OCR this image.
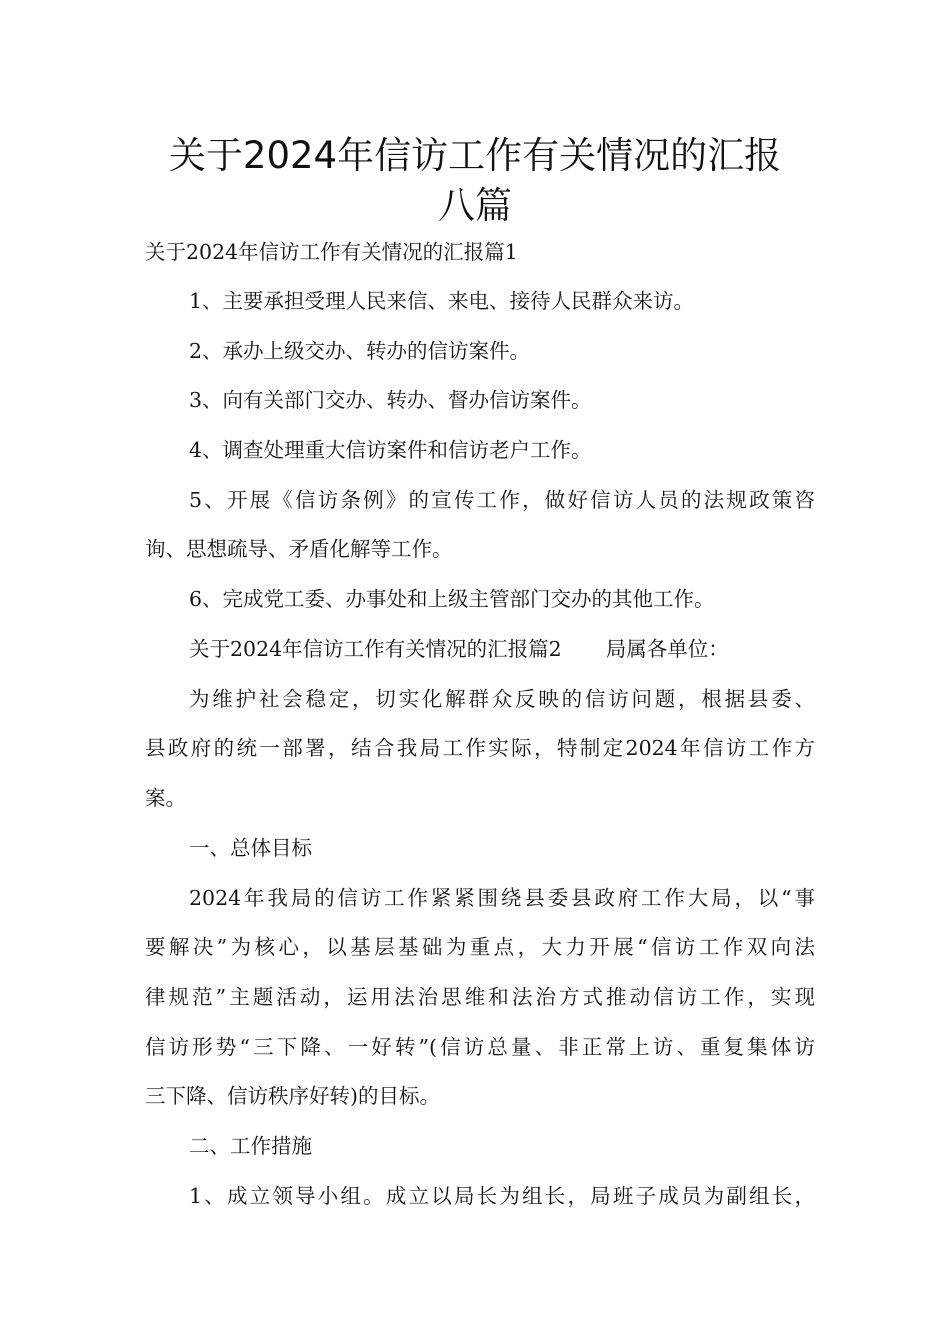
关于2024年信访工作有关情况的汇报
八篇
关于2024年信访工作有关情况的汇报篇1
1、主要承担受理人民来信、来电、接待人民群众来访。
2、承办上级交办、转办的信访案件。
3、向有关部门交办、转办、督办信访案件。
4、调查处理重大信访案件和信访老户工作。
5、开展《信访条例》的宣传工作，做好信访人员的法规政策咨
询、思想疏导、矛盾化解等工作。
6、完成党工委、办事处和上级主管部门交办的其他工作。
关于2024年信访工作有关情况的汇报篇2 局属各单位：
为维护社会稳定，切实化解群众反映的信访问题，根据县委、
县政府的统一部署，结合我局工作实际，特制定2024年信访工作方
案。
一、总体目标
2024年我局的信访工作紧紧围绕县委县政府工作大局，以“事
要解决”为核心，以基层基础为重点，大力开展“信访工作双向法
律规范”主题活动，运用法治思维和法治方式推动信访工作，实现
信访形势“三下降、一好转”(信访总量、非正常上访、重复集体访
三下降、信访秩序好转)的目标。
二、工作措施
1、成立领导小组。成立以局长为组长，局班子成员为副组长，
